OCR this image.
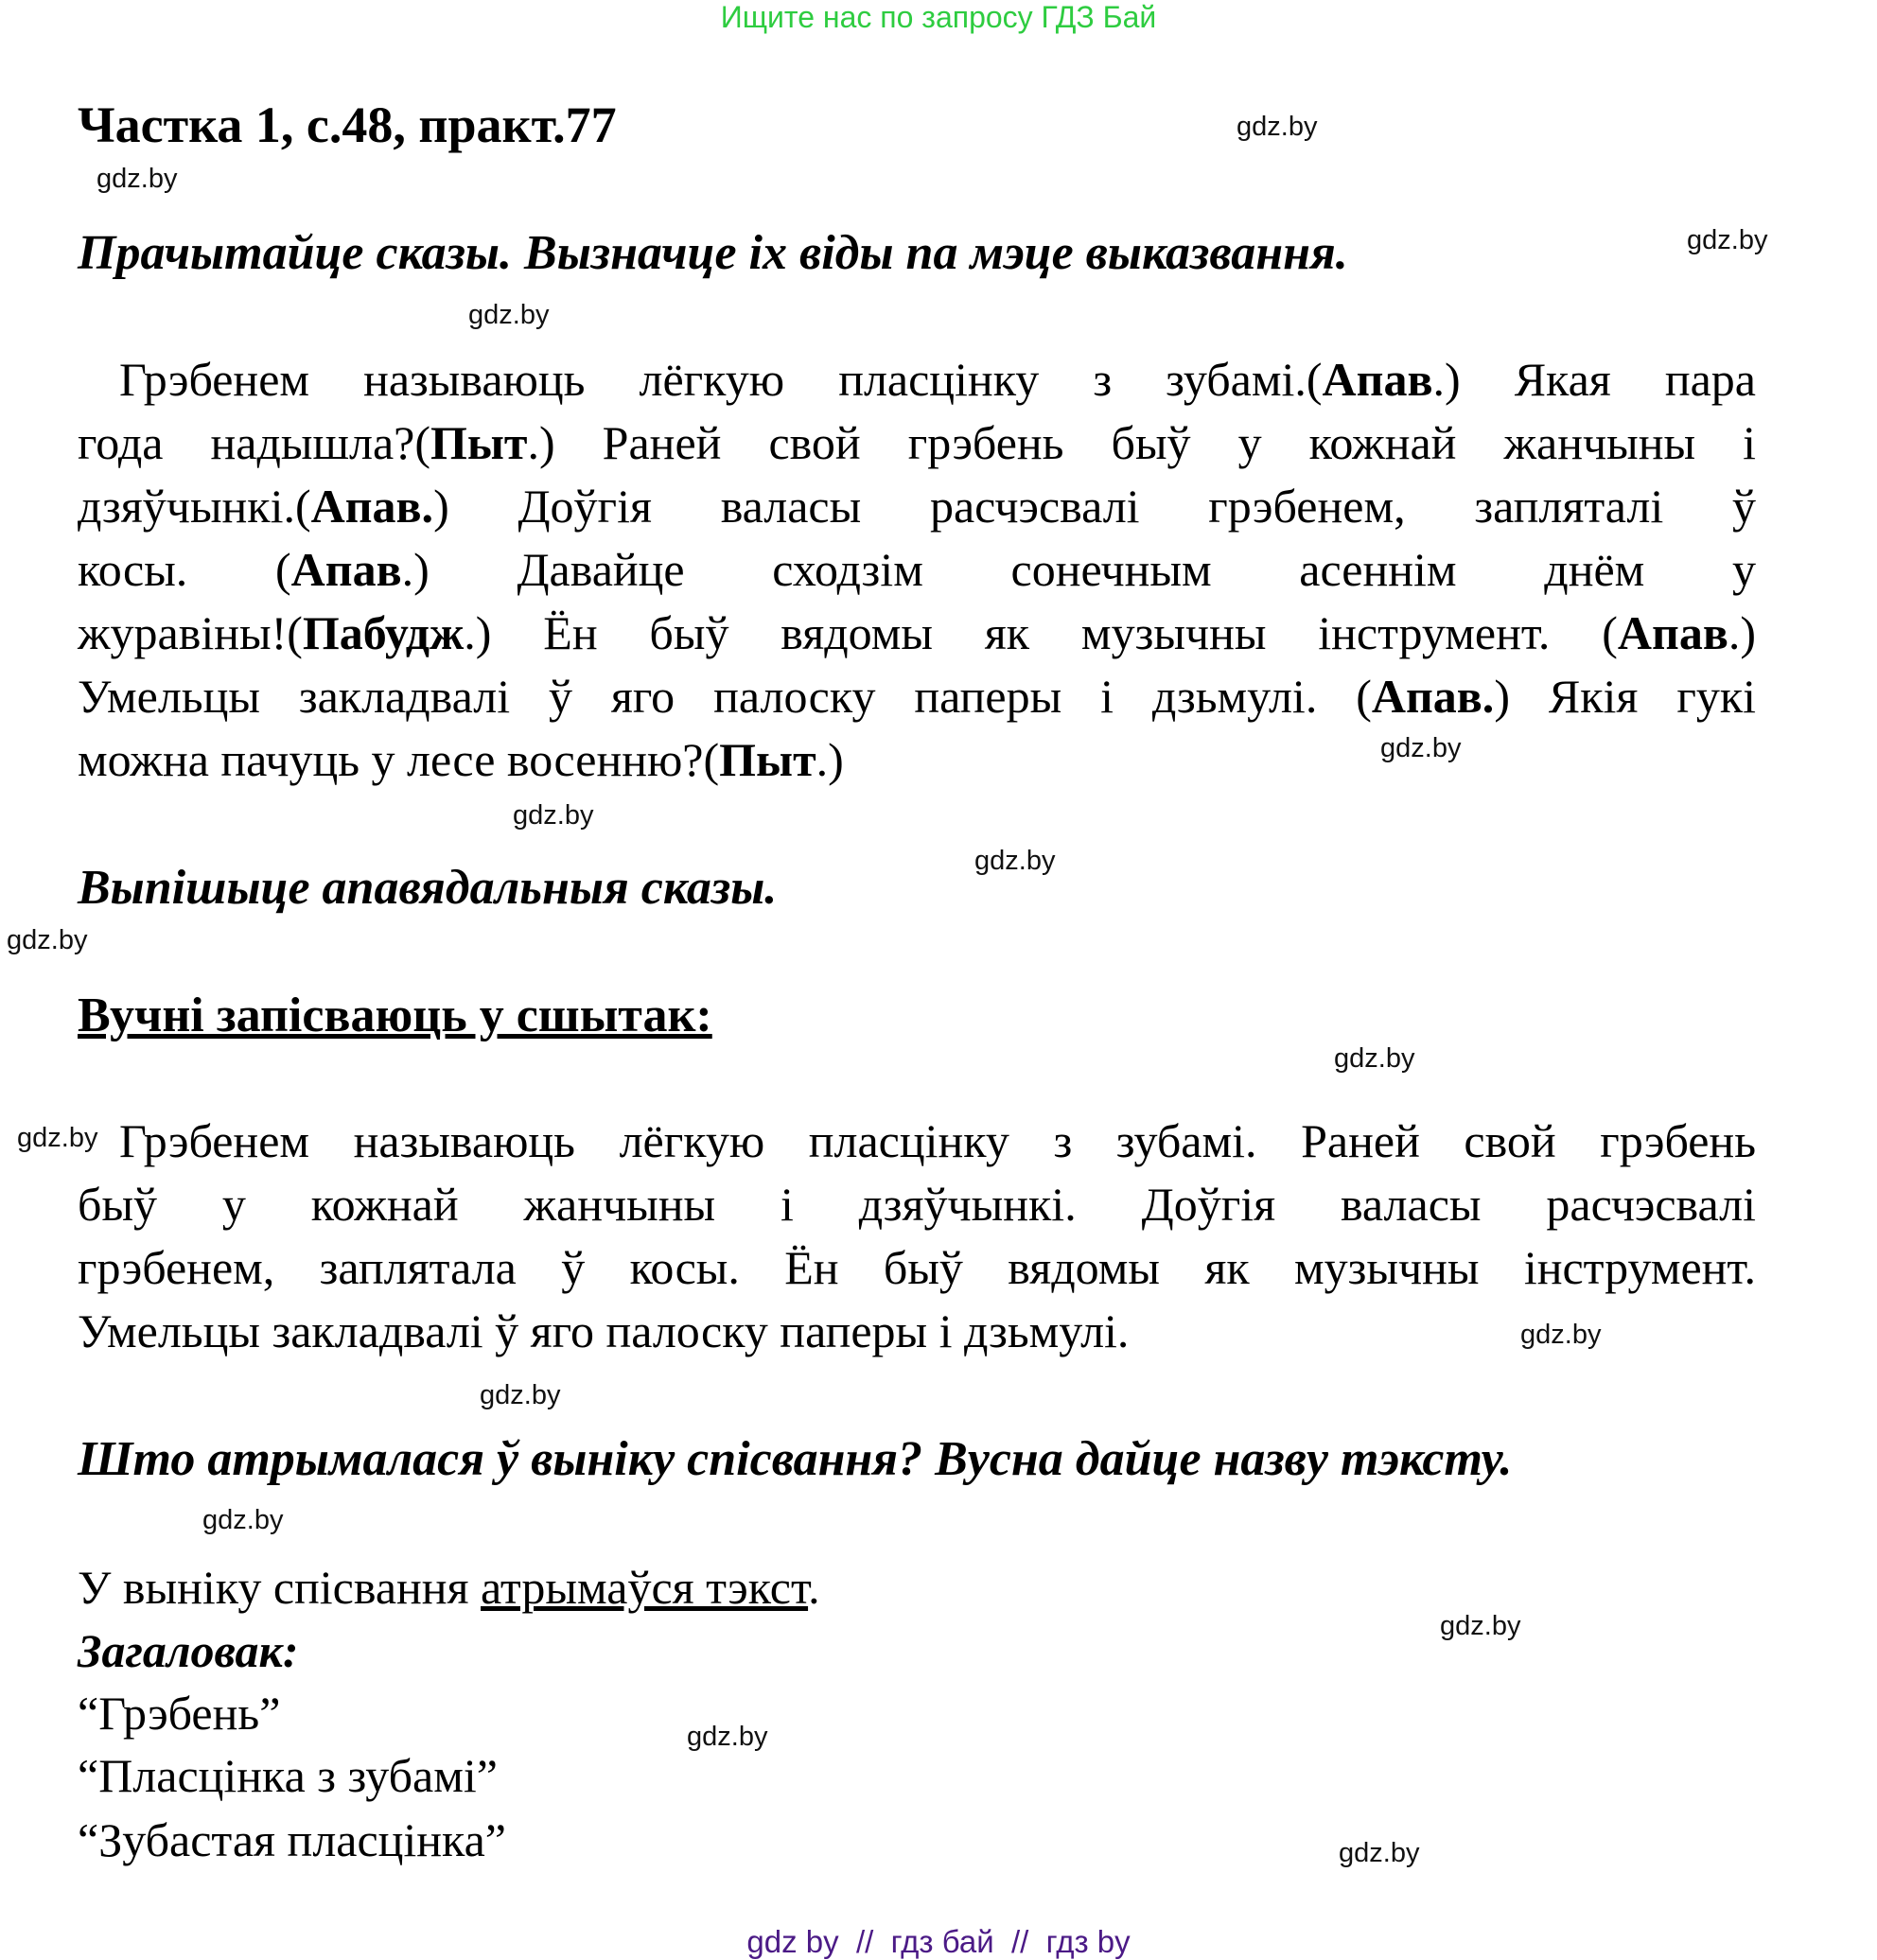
Ищите нас по запросу ГДЗ Бай
Частка 1, с.48, практ.77
Прачытайце сказы. Вызначце іх віды па мэце выказвання.
Грэбенем называюць лёгкую пласцінку з зубамі.(Апав.) Якая пара
года надышла?(Пыт.) Раней свой грэбень быў у кожнай жанчыны і
дзяўчынкі.(Апав.) Доўгія валасы расчэсвалі грэбенем, запляталі ў
косы. (Апав.) Давайце сходзім сонечным асеннім днём у
журавіны!(Пабудж.) Ён быў вядомы як музычны інструмент. (Апав.)
Умельцы закладвалі ў яго палоску паперы і дзьмулі. (Апав.) Якія гукі
можна пачуць у лесе восенню?(Пыт.)
Выпішыце апавядальныя сказы.
Вучні запісваюць у сшытак:
Грэбенем называюць лёгкую пласцінку з зубамі. Раней свой грэбень
быў у кожнай жанчыны і дзяўчынкі. Доўгія валасы расчэсвалі
грэбенем, заплятала ў косы. Ён быў вядомы як музычны інструмент.
Умельцы закладвалі ў яго палоску паперы і дзьмулі.
Што атрымалася ў выніку спісвання? Вусна дайце назву тэксту.
У выніку спісвання атрымаўся тэкст.
Загаловак:
“Грэбень”
“Пласцінка з зубамі”
“Зубастая пласцінка”
gdz.by
gdz.by
gdz.by
gdz.by
gdz.by
gdz.by
gdz.by
gdz.by
gdz.by
gdz.by
gdz.by
gdz.by
gdz.by
gdz.by
gdz.by
gdz.by
gdz by  //  гдз бай  //  гдз by
